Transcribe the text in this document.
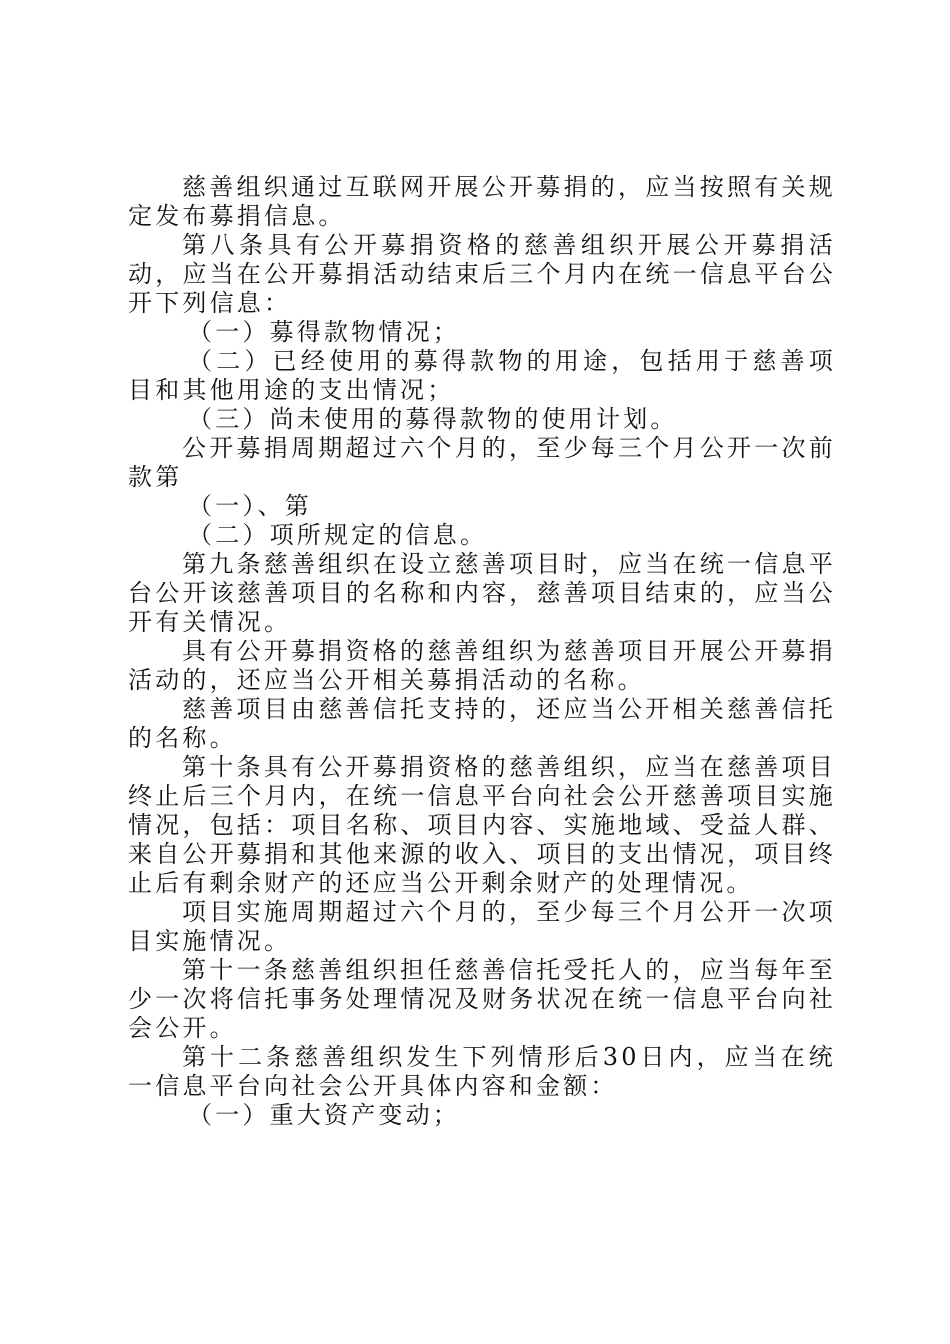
慈善组织通过互联网开展公开募捐的，应当按照有关规定发布募捐信息。

第八条具有公开募捐资格的慈善组织开展公开募捐活动，应当在公开募捐活动结束后三个月内在统一信息平台公开下列信息：

（一）募得款物情况；

（二）已经使用的募得款物的用途，包括用于慈善项目和其他用途的支出情况；

（三）尚未使用的募得款物的使用计划。

公开募捐周期超过六个月的，至少每三个月公开一次前款第

（一）、第

（二）项所规定的信息。

第九条慈善组织在设立慈善项目时，应当在统一信息平台公开该慈善项目的名称和内容，慈善项目结束的，应当公开有关情况。

具有公开募捐资格的慈善组织为慈善项目开展公开募捐活动的，还应当公开相关募捐活动的名称。

慈善项目由慈善信托支持的，还应当公开相关慈善信托的名称。

第十条具有公开募捐资格的慈善组织，应当在慈善项目终止后三个月内，在统一信息平台向社会公开慈善项目实施情况，包括：项目名称、项目内容、实施地域、受益人群、来自公开募捐和其他来源的收入、项目的支出情况，项目终止后有剩余财产的还应当公开剩余财产的处理情况。

项目实施周期超过六个月的，至少每三个月公开一次项目实施情况。

第十一条慈善组织担任慈善信托受托人的，应当每年至少一次将信托事务处理情况及财务状况在统一信息平台向社会公开。

第十二条慈善组织发生下列情形后30日内，应当在统一信息平台向社会公开具体内容和金额：

（一）重大资产变动；
